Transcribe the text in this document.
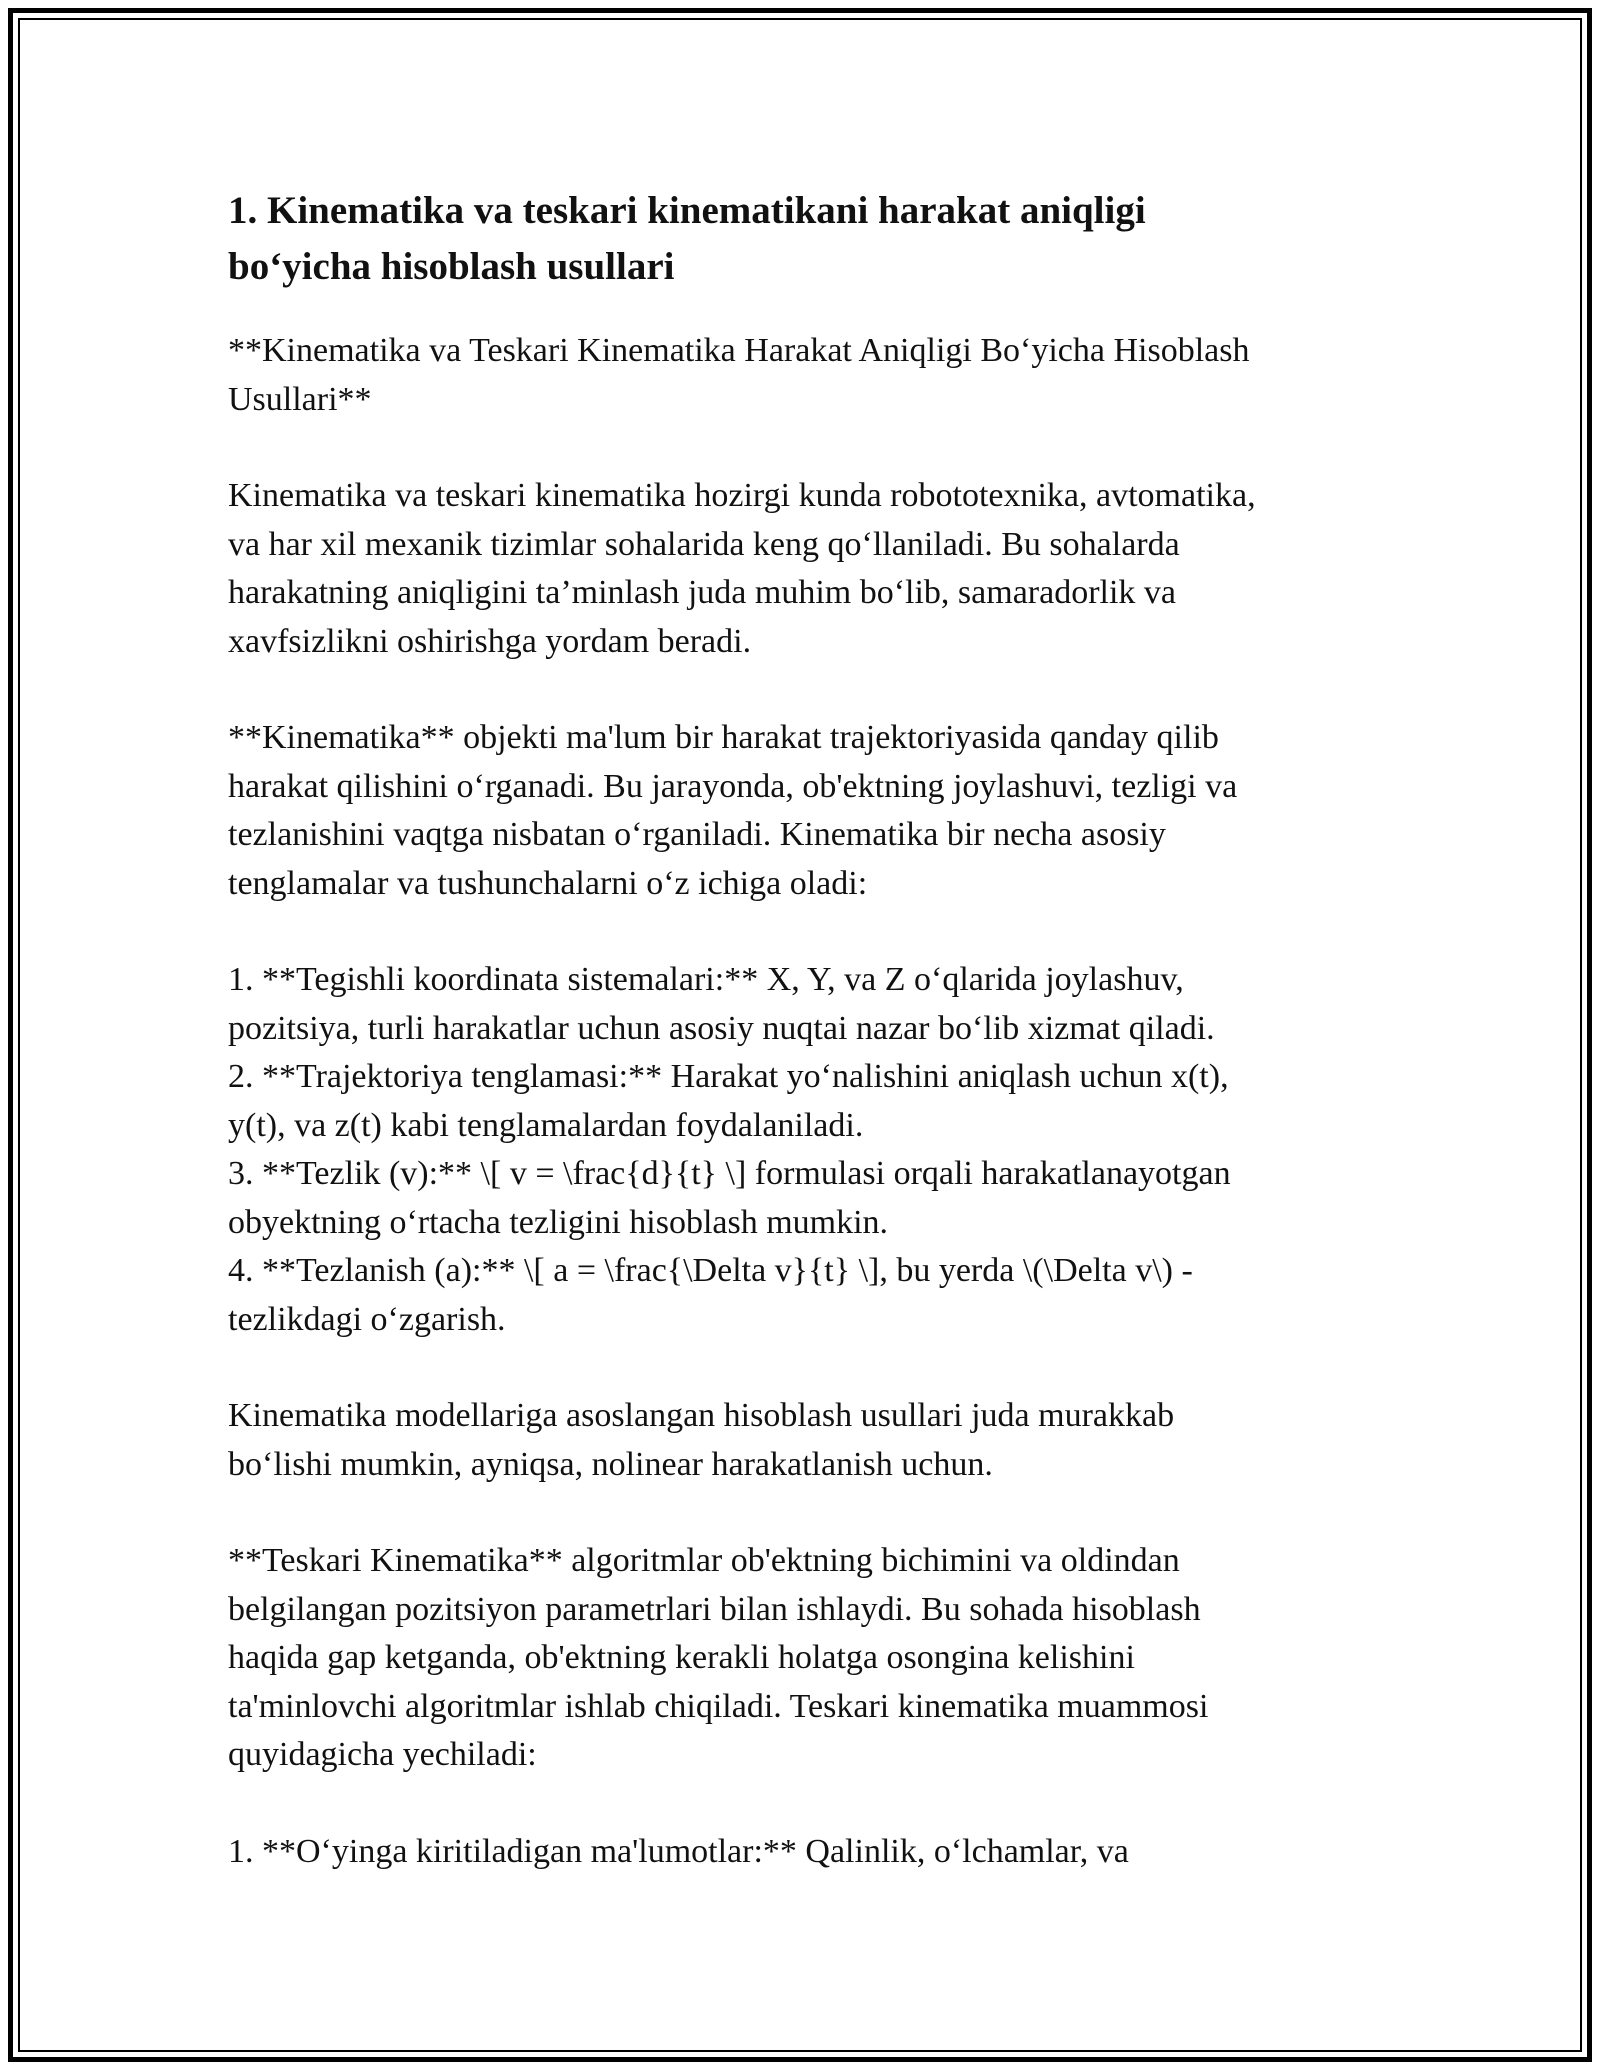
1. Kinematika va teskari kinematikani harakat aniqligi
bo‘yicha hisoblash usullari

**Kinematika va Teskari Kinematika Harakat Aniqligi Bo‘yicha Hisoblash
Usullari**

Kinematika va teskari kinematika hozirgi kunda robototexnika, avtomatika,
va har xil mexanik tizimlar sohalarida keng qo‘llaniladi. Bu sohalarda
harakatning aniqligini ta’minlash juda muhim bo‘lib, samaradorlik va
xavfsizlikni oshirishga yordam beradi.

**Kinematika** objekti ma'lum bir harakat trajektoriyasida qanday qilib
harakat qilishini o‘rganadi. Bu jarayonda, ob'ektning joylashuvi, tezligi va
tezlanishini vaqtga nisbatan o‘rganiladi. Kinematika bir necha asosiy
tenglamalar va tushunchalarni o‘z ichiga oladi:

1. **Tegishli koordinata sistemalari:** X, Y, va Z o‘qlarida joylashuv,
pozitsiya, turli harakatlar uchun asosiy nuqtai nazar bo‘lib xizmat qiladi.
2. **Trajektoriya tenglamasi:** Harakat yo‘nalishini aniqlash uchun x(t),
y(t), va z(t) kabi tenglamalardan foydalaniladi.
3. **Tezlik (v):** \[ v = \frac{d}{t} \] formulasi orqali harakatlanayotgan
obyektning o‘rtacha tezligini hisoblash mumkin.
4. **Tezlanish (a):** \[ a = \frac{\Delta v}{t} \], bu yerda \(\Delta v\) -
tezlikdagi o‘zgarish.

Kinematika modellariga asoslangan hisoblash usullari juda murakkab
bo‘lishi mumkin, ayniqsa, nolinear harakatlanish uchun.

**Teskari Kinematika** algoritmlar ob'ektning bichimini va oldindan
belgilangan pozitsiyon parametrlari bilan ishlaydi. Bu sohada hisoblash
haqida gap ketganda, ob'ektning kerakli holatga osongina kelishini
ta'minlovchi algoritmlar ishlab chiqiladi. Teskari kinematika muammosi
quyidagicha yechiladi:

1. **O‘yinga kiritiladigan ma'lumotlar:** Qalinlik, o‘lchamlar, va
